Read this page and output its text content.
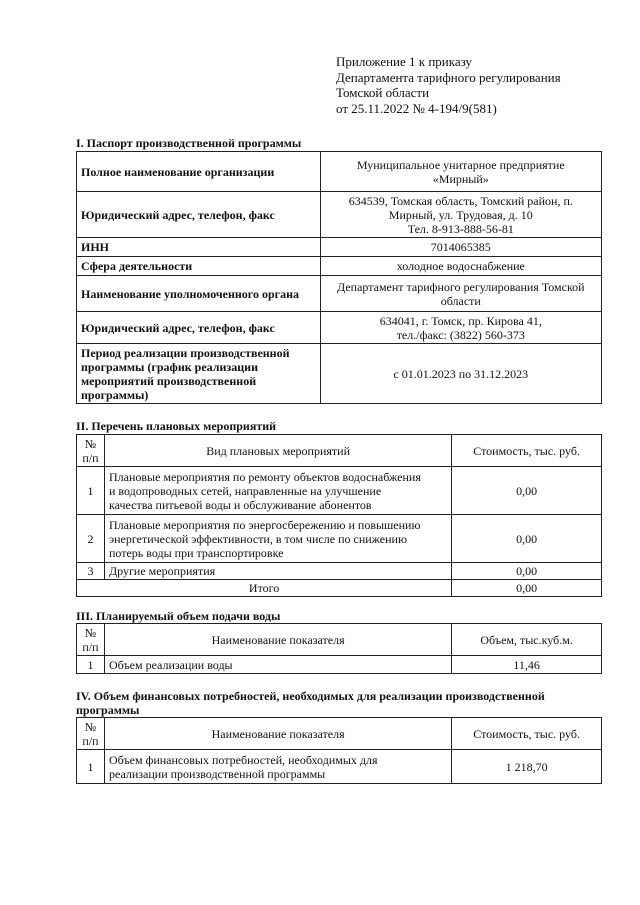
Приложение 1 к приказу
Департамента тарифного регулирования
Томской области
от 25.11.2022 № 4-194/9(581)
I. Паспорт производственной программы
Полное наименование организации	Муниципальное унитарное предприятие
«Мирный»

Юридический адрес, телефон, факс	634539, Томская область, Томский район, п.
Мирный, ул. Трудовая, д. 10
Тел. 8-913-888-56-81

ИНН	7014065385
Сфера деятельности	холодное водоснабжение
Наименование уполномоченного органа	Департамент тарифного регулирования Томской
области

Юридический адрес, телефон, факс	634041, г. Томск, пр. Кирова 41,
тел./факс: (3822) 560-373

Период реализации производственной
программы (график реализации
мероприятий производственной
программы)	с 01.01.2023 по 31.12.2023
II. Перечень плановых мероприятий
№
п/п	Вид плановых мероприятий	Стоимость, тыс. руб.
1	Плановые мероприятия по ремонту объектов водоснабжения
и водопроводных сетей, направленные на улучшение
качества питьевой воды и обслуживание абонентов	0,00
2	Плановые мероприятия по энергосбережению и повышению
энергетической эффективности, в том числе по снижению
потерь воды при транспортировке	0,00
3	Другие мероприятия	0,00
Итого		0,00
III. Планируемый объем подачи воды
№
п/п	Наименование показателя	Объем, тыс.куб.м.
1	Объем реализации воды	11,46
IV. Объем финансовых потребностей, необходимых для реализации производственной
программы
№
п/п	Наименование показателя	Стоимость, тыс. руб.
1	Объем финансовых потребностей, необходимых для
реализации производственной программы	1 218,70
